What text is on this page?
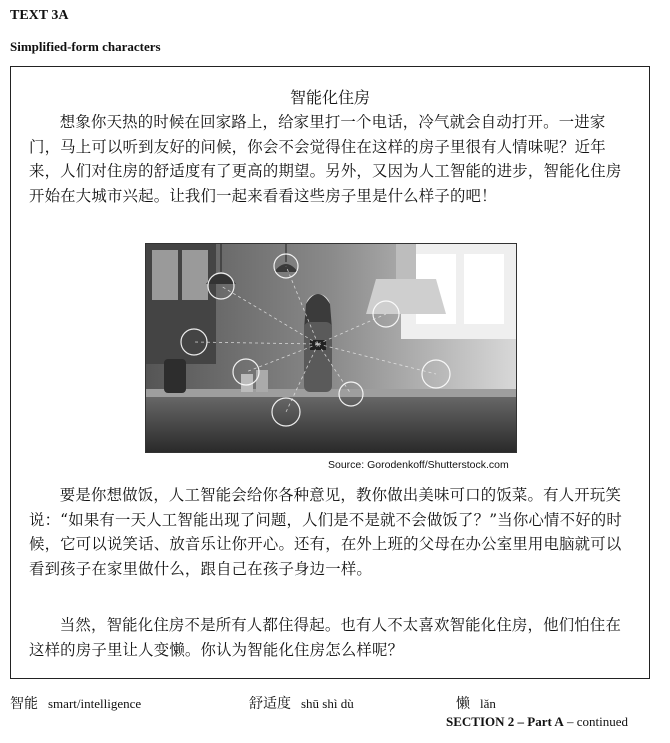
TEXT 3A
Simplified-form characters
智能化住房

想象你天热的时候在回家路上，给家里打一个电话，冷气就会自动打开。一进家门，马上可以听到友好的问候，你会不会觉得住在这样的房子里很有人情味呢？近年来，人们对住房的舒适度有了更高的期望。另外，又因为人工智能的进步，智能化住房开始在大城市兴起。让我们一起来看看这些房子里是什么样子的吧！

Source: Gorodenkoff/Shutterstock.com

要是你想做饭，人工智能会给你各种意见，教你做出美味可口的饭菜。有人开玩笑说：“如果有一天人工智能出现了问题，人们是不是就不会做饭了？”当你心情不好的时候，它可以说笑话、放音乐让你开心。还有，在外上班的父母在办公室里用电脑就可以看到孩子在家里做什么，跟自己在孩子身边一样。

当然，智能化住房不是所有人都住得起。也有人不太喜欢智能化住房，他们怕住在这样的房子里让人变懒。你认为智能化住房怎么样呢？

智能 smart/intelligence	舒适度 shū shì dù	懒 lǎn
SECTION 2 – Part A – continued
